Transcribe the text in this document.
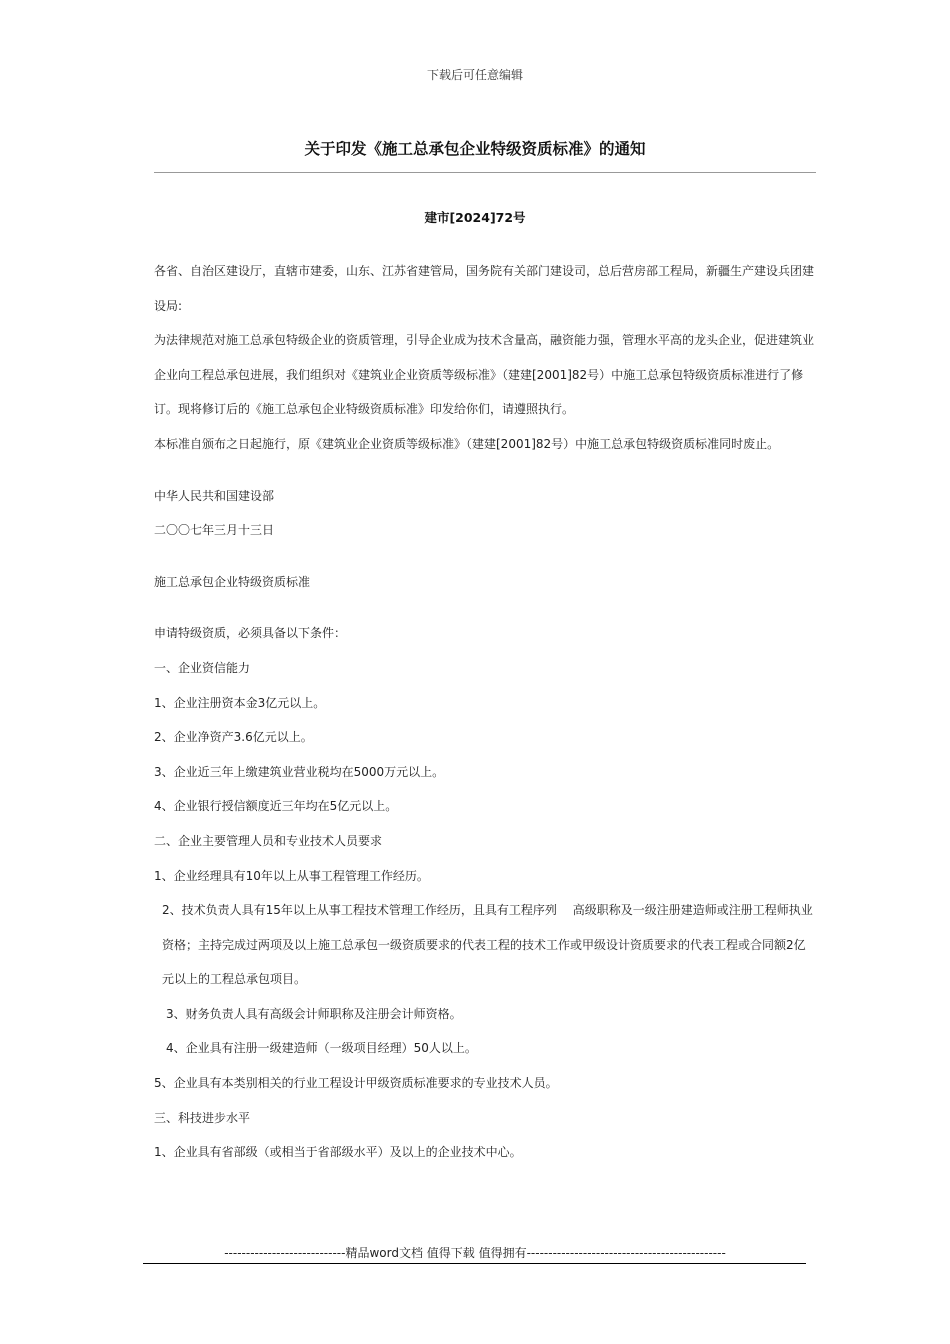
下载后可任意编辑
关于印发《施工总承包企业特级资质标准》的通知
建市[2024]72号

各省、自治区建设厅，直辖市建委，山东、江苏省建管局，国务院有关部门建设司，总后营房部工程局，新疆生产建设兵团建设局:

为法律规范对施工总承包特级企业的资质管理，引导企业成为技术含量高，融资能力强，管理水平高的龙头企业，促进建筑业企业向工程总承包进展，我们组织对《建筑业企业资质等级标准》（建建[2001]82号）中施工总承包特级资质标准进行了修订。现将修订后的《施工总承包企业特级资质标准》印发给你们，请遵照执行。

本标准自颁布之日起施行，原《建筑业企业资质等级标准》（建建[2001]82号）中施工总承包特级资质标准同时废止。

中华人民共和国建设部

二〇〇七年三月十三日

施工总承包企业特级资质标准

申请特级资质，必须具备以下条件：

一、企业资信能力

1、企业注册资本金3亿元以上。

2、企业净资产3.6亿元以上。

3、企业近三年上缴建筑业营业税均在5000万元以上。

4、企业银行授信额度近三年均在5亿元以上。

二、企业主要管理人员和专业技术人员要求

1、企业经理具有10年以上从事工程管理工作经历。

2、技术负责人具有15年以上从事工程技术管理工作经历，且具有工程序列　 高级职称及一级注册建造师或注册工程师执业资格；主持完成过两项及以上施工总承包一级资质要求的代表工程的技术工作或甲级设计资质要求的代表工程或合同额2亿元以上的工程总承包项目。

3、财务负责人具有高级会计师职称及注册会计师资格。

4、企业具有注册一级建造师（一级项目经理）50人以上。

5、企业具有本类别相关的行业工程设计甲级资质标准要求的专业技术人员。

三、科技进步水平

1、企业具有省部级（或相当于省部级水平）及以上的企业技术中心。

----------------------------精品word文档 值得下载 值得拥有----------------------------------------------
